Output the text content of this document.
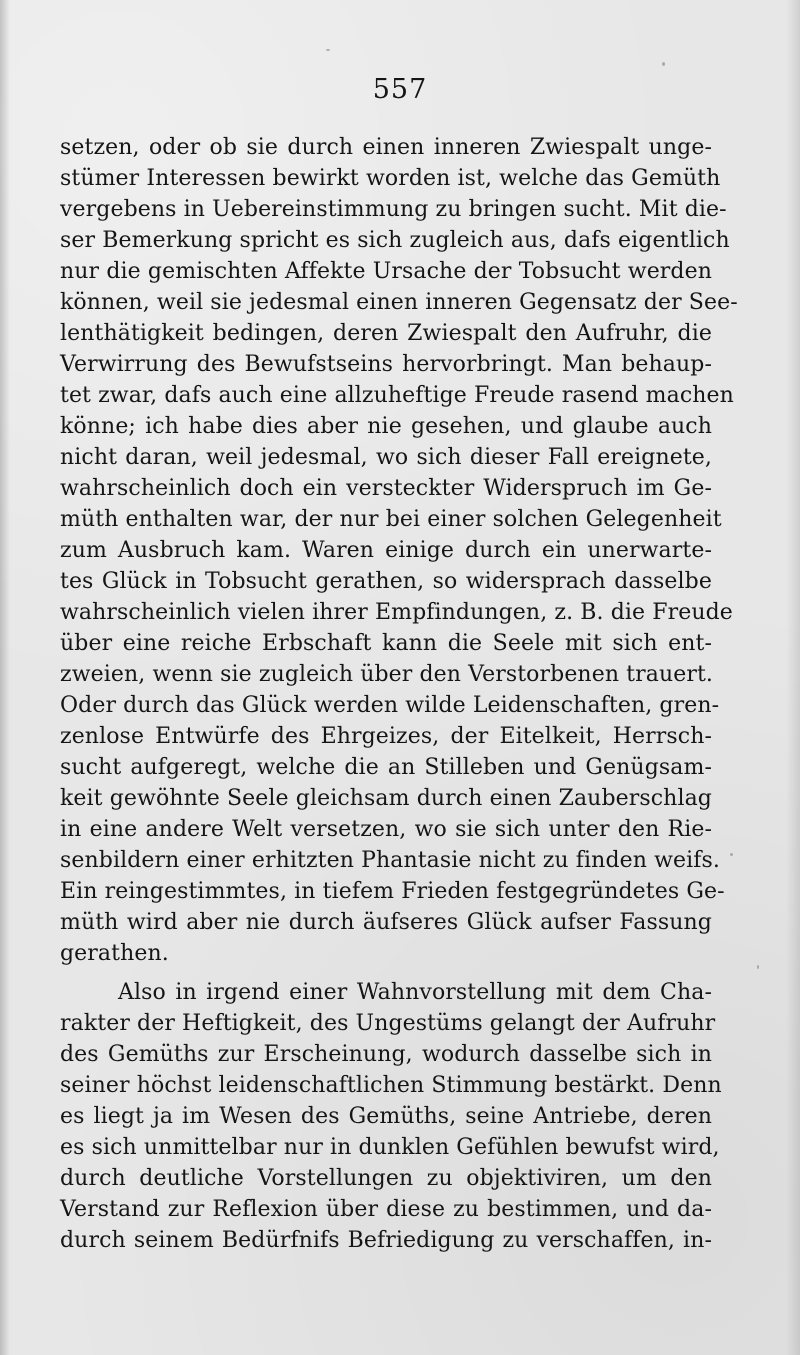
557
setzen, oder ob sie durch einen inneren Zwiespalt unge-
stümer Interessen bewirkt worden ist, welche das Gemüth
vergebens in Uebereinstimmung zu bringen sucht. Mit die-
ser Bemerkung spricht es sich zugleich aus, dafs eigentlich
nur die gemischten Affekte Ursache der Tobsucht werden
können, weil sie jedesmal einen inneren Gegensatz der See-
lenthätigkeit bedingen, deren Zwiespalt den Aufruhr, die
Verwirrung des Bewufstseins hervorbringt. Man behaup-
tet zwar, dafs auch eine allzuheftige Freude rasend machen
könne; ich habe dies aber nie gesehen, und glaube auch
nicht daran, weil jedesmal, wo sich dieser Fall ereignete,
wahrscheinlich doch ein versteckter Widerspruch im Ge-
müth enthalten war, der nur bei einer solchen Gelegenheit
zum Ausbruch kam. Waren einige durch ein unerwarte-
tes Glück in Tobsucht gerathen, so widersprach dasselbe
wahrscheinlich vielen ihrer Empfindungen, z. B. die Freude
über eine reiche Erbschaft kann die Seele mit sich ent-
zweien, wenn sie zugleich über den Verstorbenen trauert.
Oder durch das Glück werden wilde Leidenschaften, gren-
zenlose Entwürfe des Ehrgeizes, der Eitelkeit, Herrsch-
sucht aufgeregt, welche die an Stilleben und Genügsam-
keit gewöhnte Seele gleichsam durch einen Zauberschlag
in eine andere Welt versetzen, wo sie sich unter den Rie-
senbildern einer erhitzten Phantasie nicht zu finden weifs.
Ein reingestimmtes, in tiefem Frieden festgegründetes Ge-
müth wird aber nie durch äufseres Glück aufser Fassung
gerathen.
Also in irgend einer Wahnvorstellung mit dem Cha-
rakter der Heftigkeit, des Ungestüms gelangt der Aufruhr
des Gemüths zur Erscheinung, wodurch dasselbe sich in
seiner höchst leidenschaftlichen Stimmung bestärkt. Denn
es liegt ja im Wesen des Gemüths, seine Antriebe, deren
es sich unmittelbar nur in dunklen Gefühlen bewufst wird,
durch deutliche Vorstellungen zu objektiviren, um den
Verstand zur Reflexion über diese zu bestimmen, und da-
durch seinem Bedürfnifs Befriedigung zu verschaffen, in-
